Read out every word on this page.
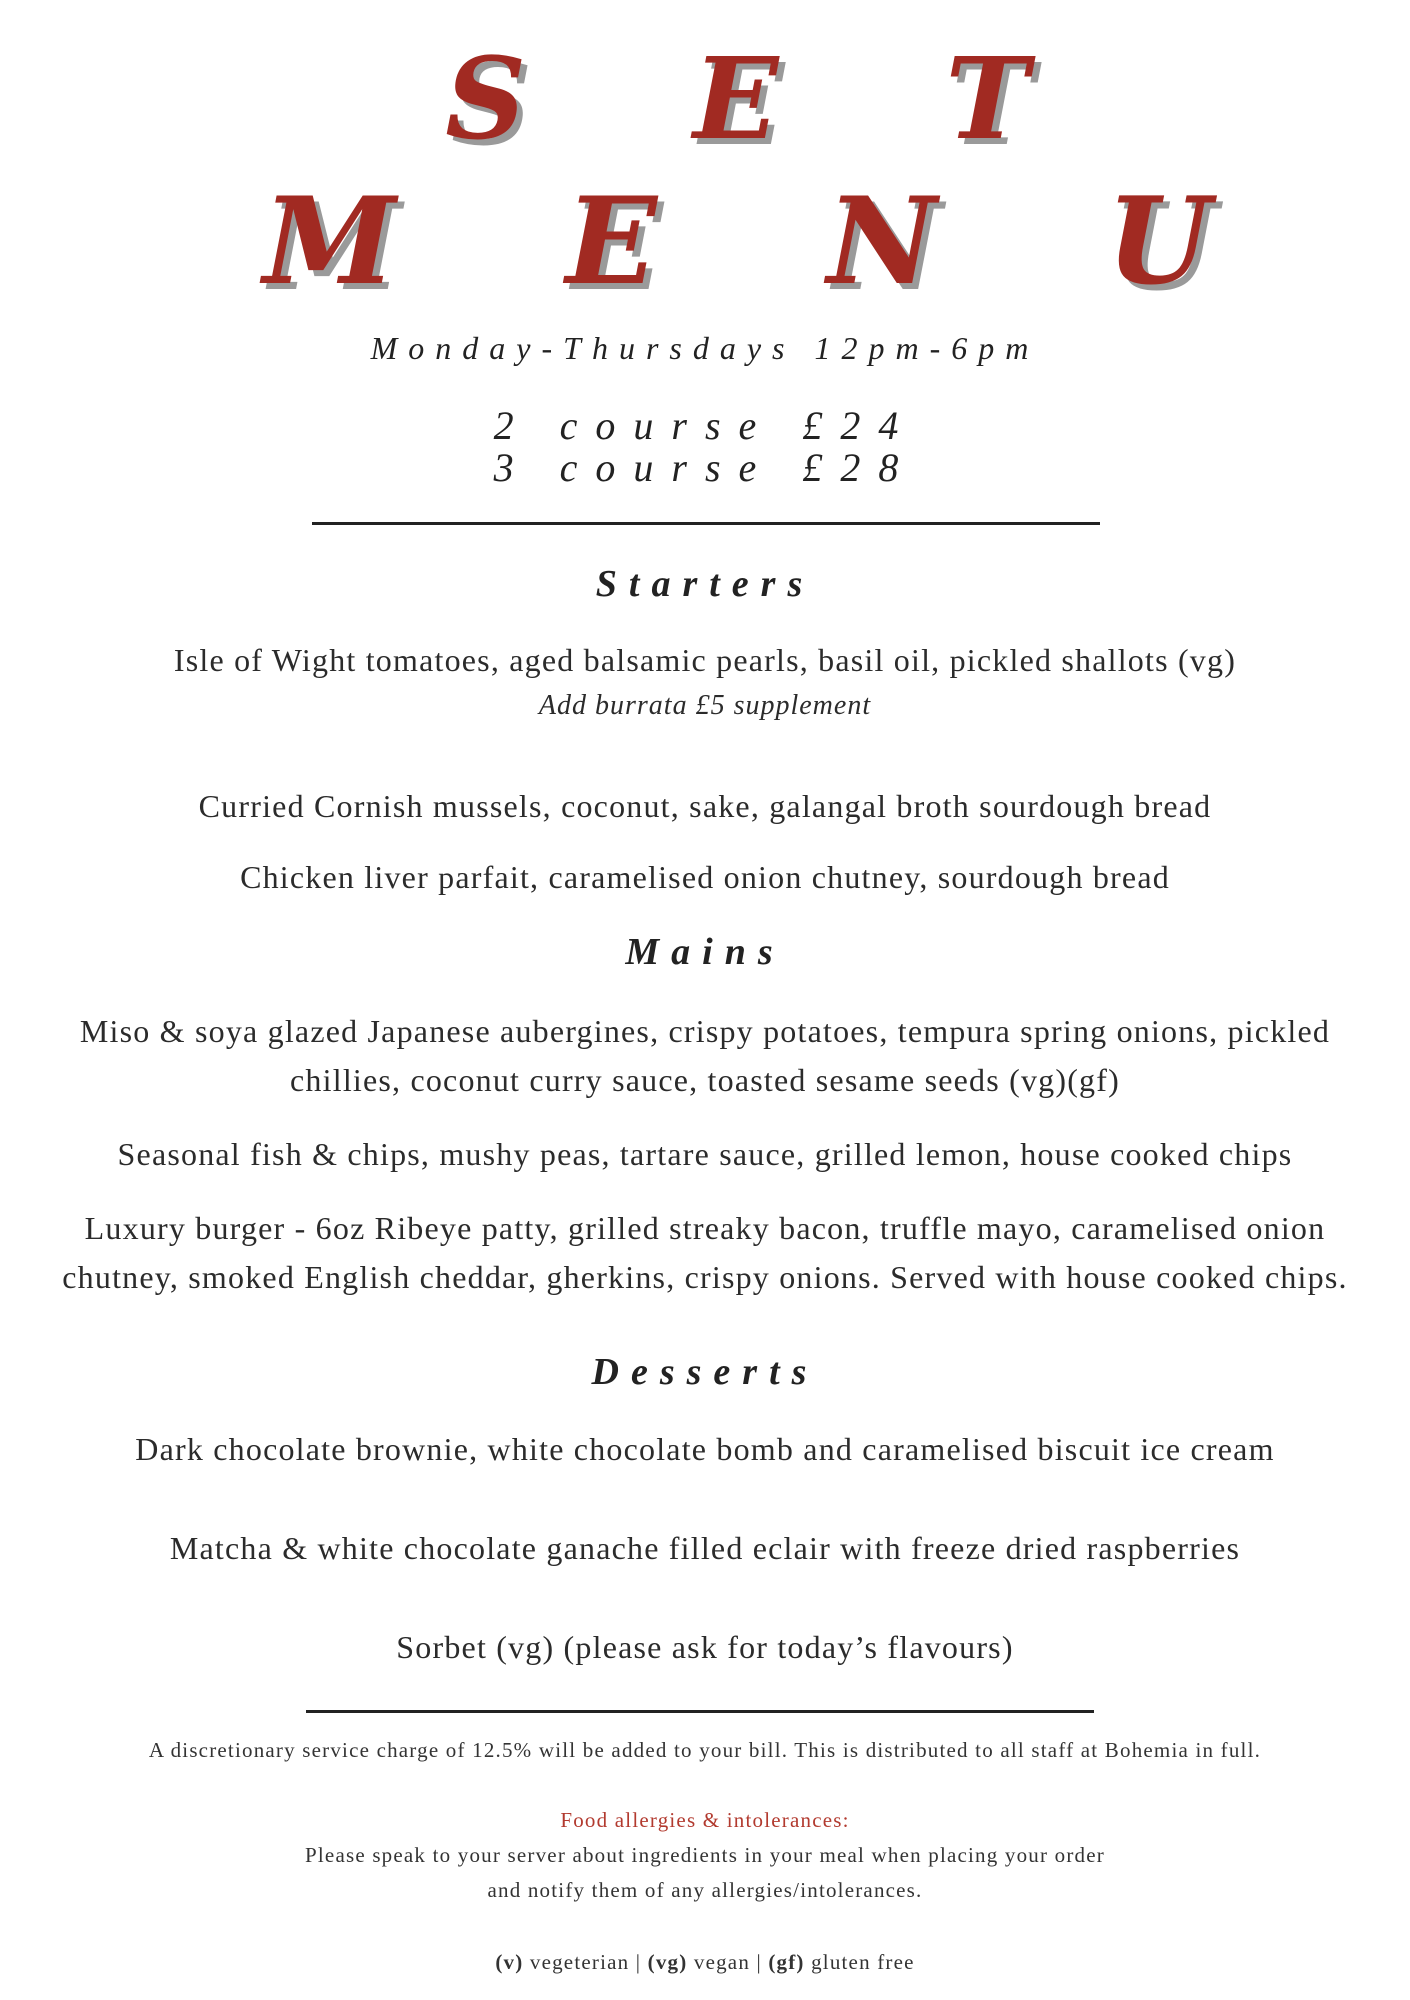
S E T
M E N U
Monday-Thursdays 12pm-6pm
2 course £24
3 course £28
Starters
Isle of Wight tomatoes, aged balsamic pearls, basil oil, pickled shallots (vg)
Add burrata £5 supplement
Curried Cornish mussels, coconut, sake, galangal broth sourdough bread
Chicken liver parfait, caramelised onion chutney, sourdough bread
Mains
Miso & soya glazed Japanese aubergines, crispy potatoes, tempura spring onions, pickled
chillies, coconut curry sauce, toasted sesame seeds (vg)(gf)
Seasonal fish & chips, mushy peas, tartare sauce, grilled lemon, house cooked chips
Luxury burger - 6oz Ribeye patty, grilled streaky bacon, truffle mayo, caramelised onion
chutney, smoked English cheddar, gherkins, crispy onions. Served with house cooked chips.
Desserts
Dark chocolate brownie, white chocolate bomb and caramelised biscuit ice cream
Matcha & white chocolate ganache filled eclair with freeze dried raspberries
Sorbet (vg) (please ask for today’s flavours)
A discretionary service charge of 12.5% will be added to your bill. This is distributed to all staff at Bohemia in full.
Food allergies & intolerances:
Please speak to your server about ingredients in your meal when placing your order
and notify them of any allergies/intolerances.
(v) vegeterian | (vg) vegan | (gf) gluten free
